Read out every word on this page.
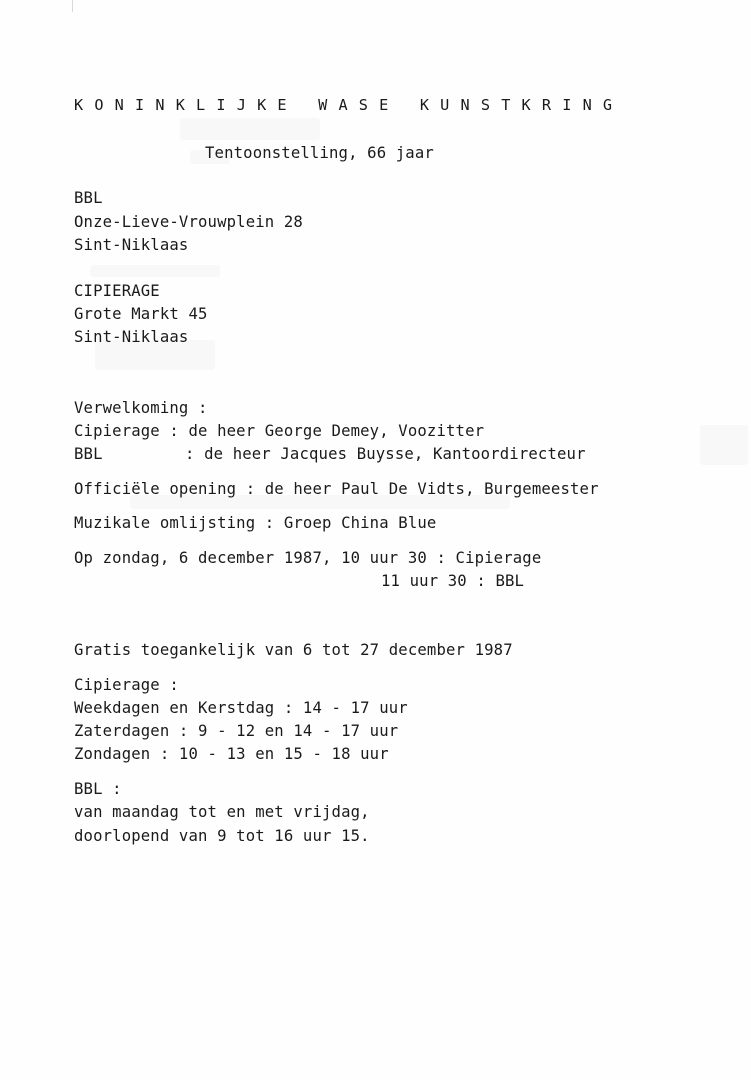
KONINKLIJKE WASE KUNSTKRING
Tentoonstelling, 66 jaar
BBL
Onze-Lieve-Vrouwplein 28
Sint-Niklaas
CIPIERAGE
Grote Markt 45
Sint-Niklaas
Verwelkoming :
Cipierage : de heer George Demey, Voozitter
BBL	: de heer Jacques Buysse, Kantoordirecteur
Officiële opening : de heer Paul De Vidts, Burgemeester
Muzikale omlijsting : Groep China Blue
Op zondag, 6 december 1987, 10 uur 30 : Cipierage
11 uur 30 : BBL
Gratis toegankelijk van 6 tot 27 december 1987
Cipierage :
Weekdagen en Kerstdag : 14 - 17 uur
Zaterdagen : 9 - 12 en 14 - 17 uur
Zondagen : 10 - 13 en 15 - 18 uur
BBL :
van maandag tot en met vrijdag,
doorlopend van 9 tot 16 uur 15.
